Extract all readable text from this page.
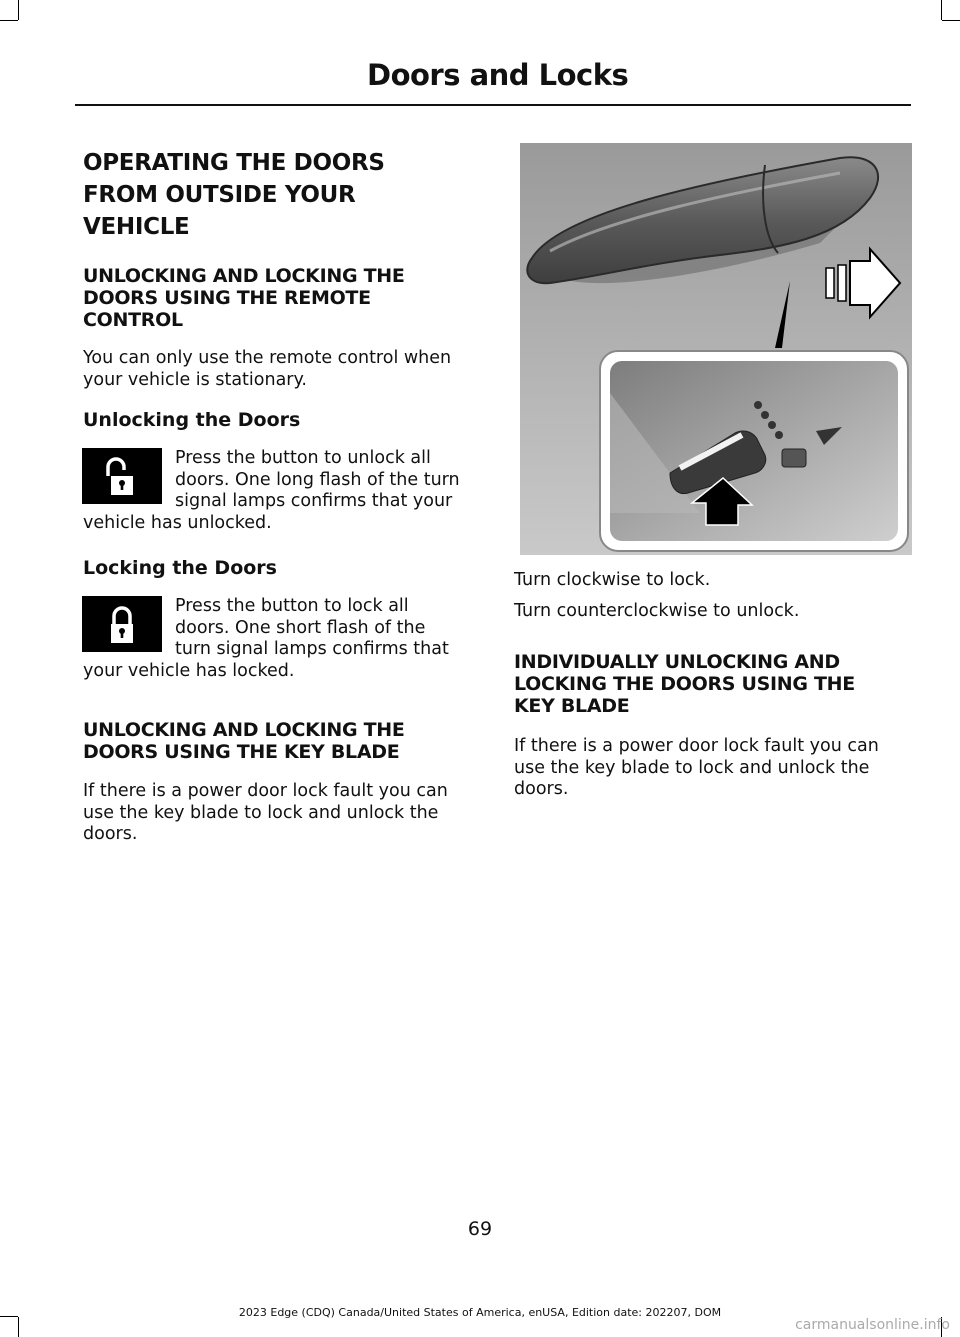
Doors and Locks
OPERATING THE DOORS
FROM OUTSIDE YOUR
VEHICLE
UNLOCKING AND LOCKING THE
DOORS USING THE REMOTE
CONTROL
You can only use the remote control when
your vehicle is stationary.
Unlocking the Doors
Press the button to unlock all
doors. One long flash of the turn
signal lamps confirms that your
vehicle has unlocked.
Locking the Doors
Press the button to lock all
doors. One short flash of the
turn signal lamps confirms that
your vehicle has locked.
UNLOCKING AND LOCKING THE
DOORS USING THE KEY BLADE
If there is a power door lock fault you can
use the key blade to lock and unlock the
doors.
Turn clockwise to lock.
Turn counterclockwise to unlock.
INDIVIDUALLY UNLOCKING AND
LOCKING THE DOORS USING THE
KEY BLADE
If there is a power door lock fault you can
use the key blade to lock and unlock the
doors.
69
2023 Edge (CDQ) Canada/United States of America, enUSA, Edition date: 202207, DOM
carmanualsonline.info
